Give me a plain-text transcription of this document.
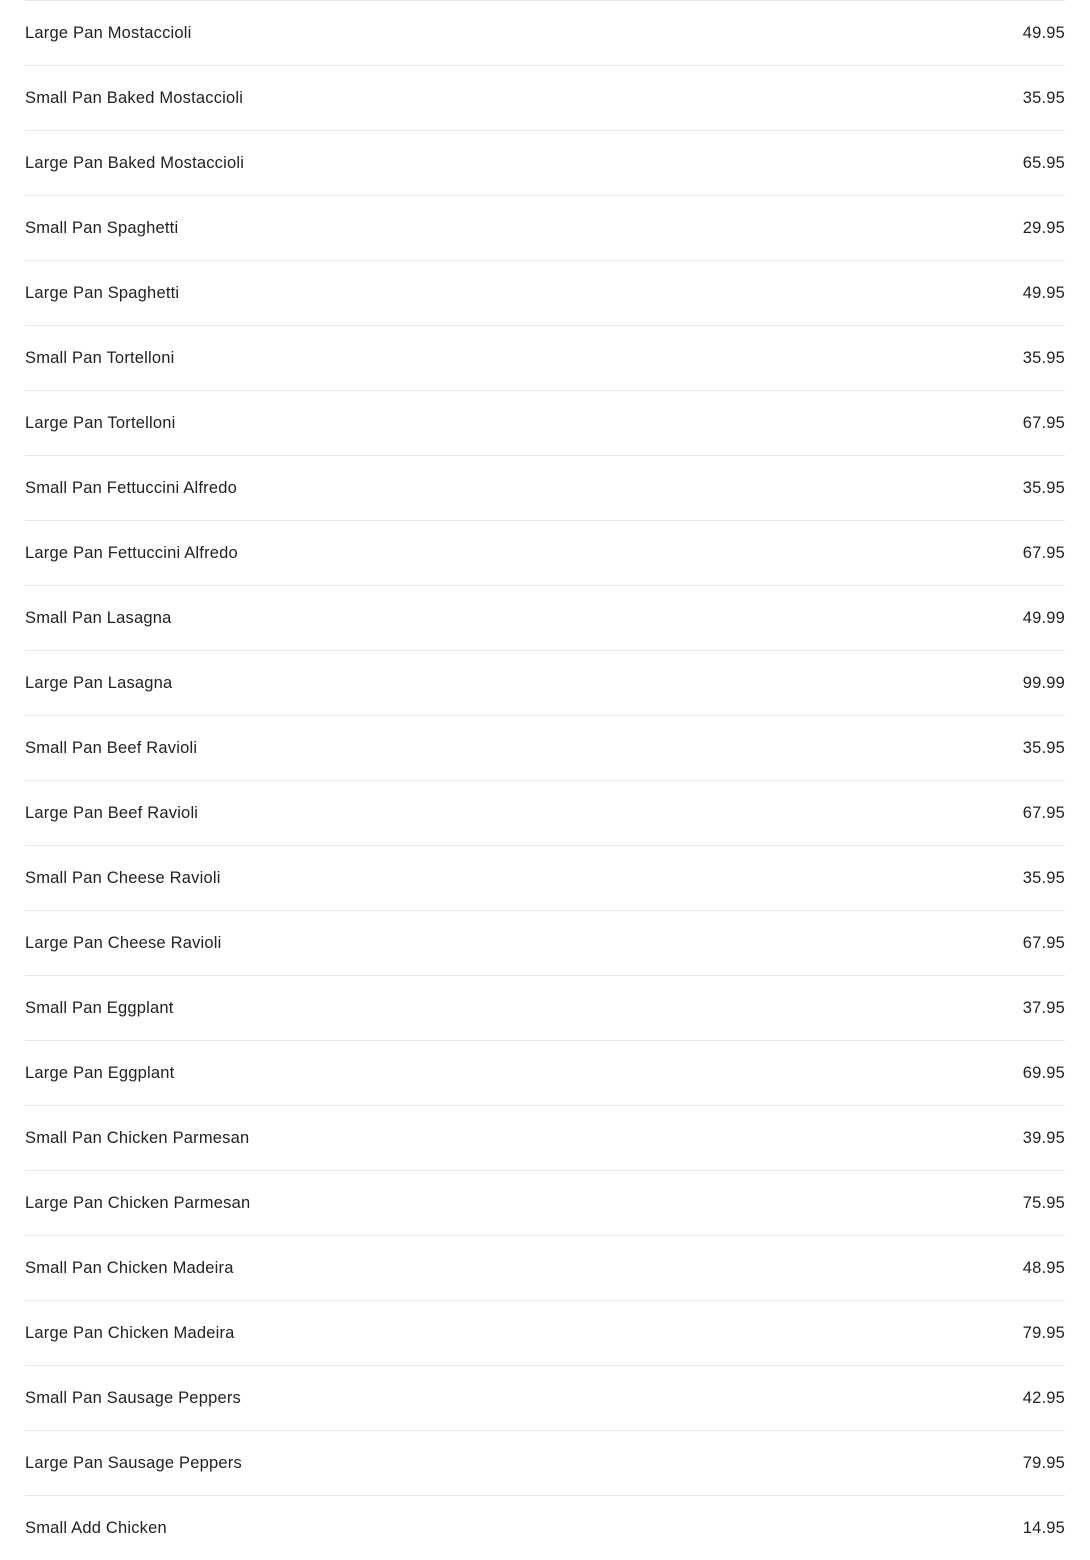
Large Pan Mostaccioli	49.95
Small Pan Baked Mostaccioli	35.95
Large Pan Baked Mostaccioli	65.95
Small Pan Spaghetti	29.95
Large Pan Spaghetti	49.95
Small Pan Tortelloni	35.95
Large Pan Tortelloni	67.95
Small Pan Fettuccini Alfredo	35.95
Large Pan Fettuccini Alfredo	67.95
Small Pan Lasagna	49.99
Large Pan Lasagna	99.99
Small Pan Beef Ravioli	35.95
Large Pan Beef Ravioli	67.95
Small Pan Cheese Ravioli	35.95
Large Pan Cheese Ravioli	67.95
Small Pan Eggplant	37.95
Large Pan Eggplant	69.95
Small Pan Chicken Parmesan	39.95
Large Pan Chicken Parmesan	75.95
Small Pan Chicken Madeira	48.95
Large Pan Chicken Madeira	79.95
Small Pan Sausage Peppers	42.95
Large Pan Sausage Peppers	79.95
Small Add Chicken	14.95
